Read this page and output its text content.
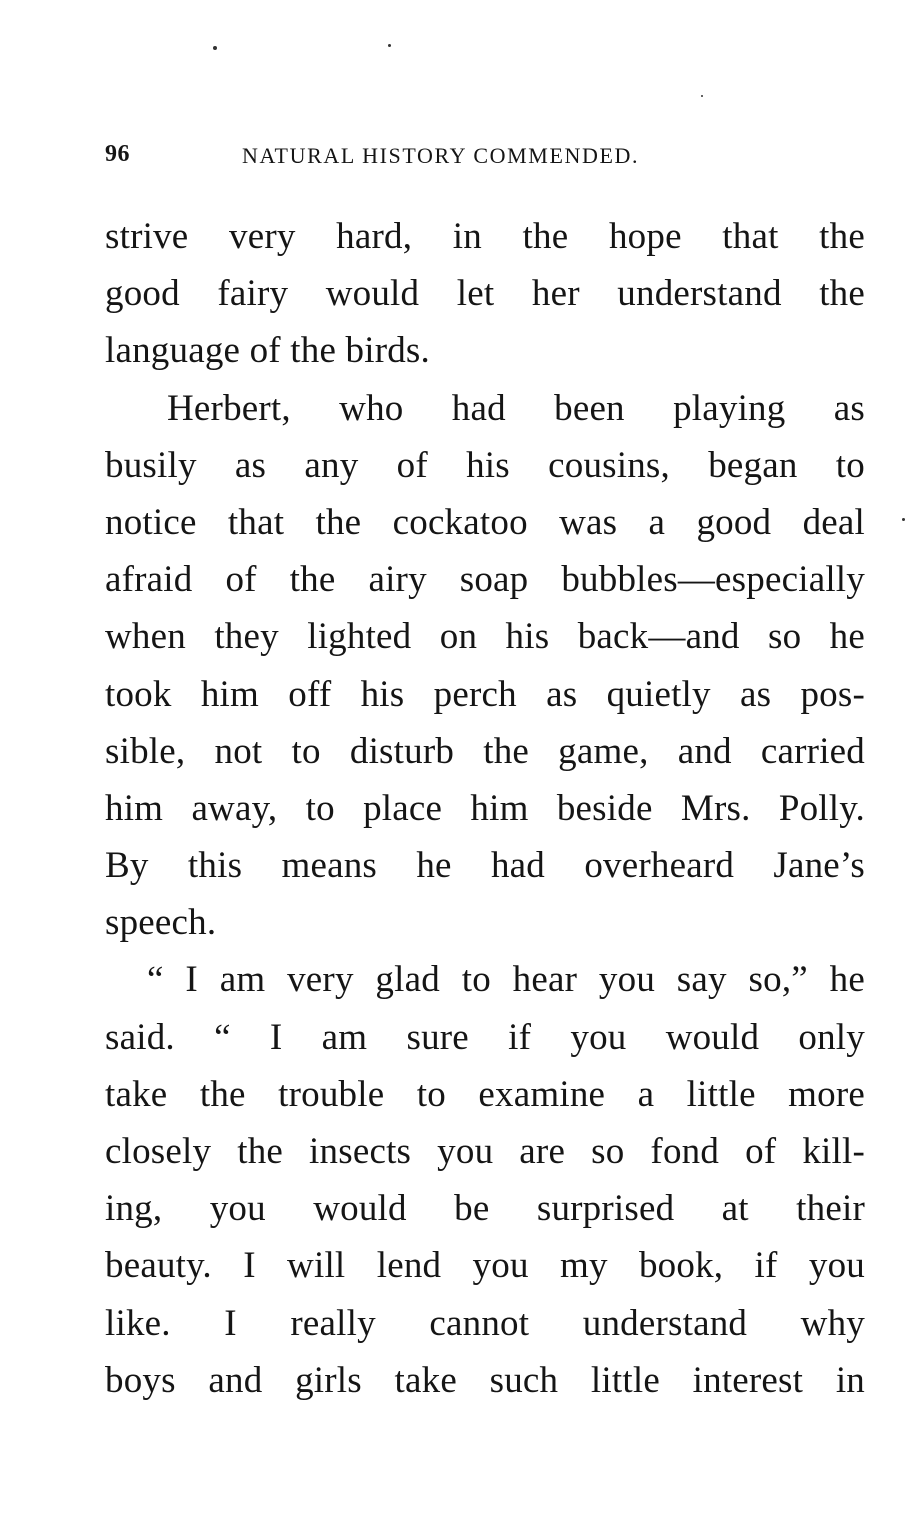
96	NATURAL HISTORY COMMENDED.
strive very hard, in the hope that the
good fairy would let her understand the
language of the birds.
Herbert, who had been playing as
busily as any of his cousins, began to
notice that the cockatoo was a good deal
afraid of the airy soap bubbles—especially
when they lighted on his back—and so he
took him off his perch as quietly as pos-
sible, not to disturb the game, and carried
him away, to place him beside Mrs. Polly.
By this means he had overheard Jane’s
speech.
“ I am very glad to hear you say so,” he
said. “ I am sure if you would only
take the trouble to examine a little more
closely the insects you are so fond of kill-
ing, you would be surprised at their
beauty. I will lend you my book, if you
like. I really cannot understand why
boys and girls take such little interest in
